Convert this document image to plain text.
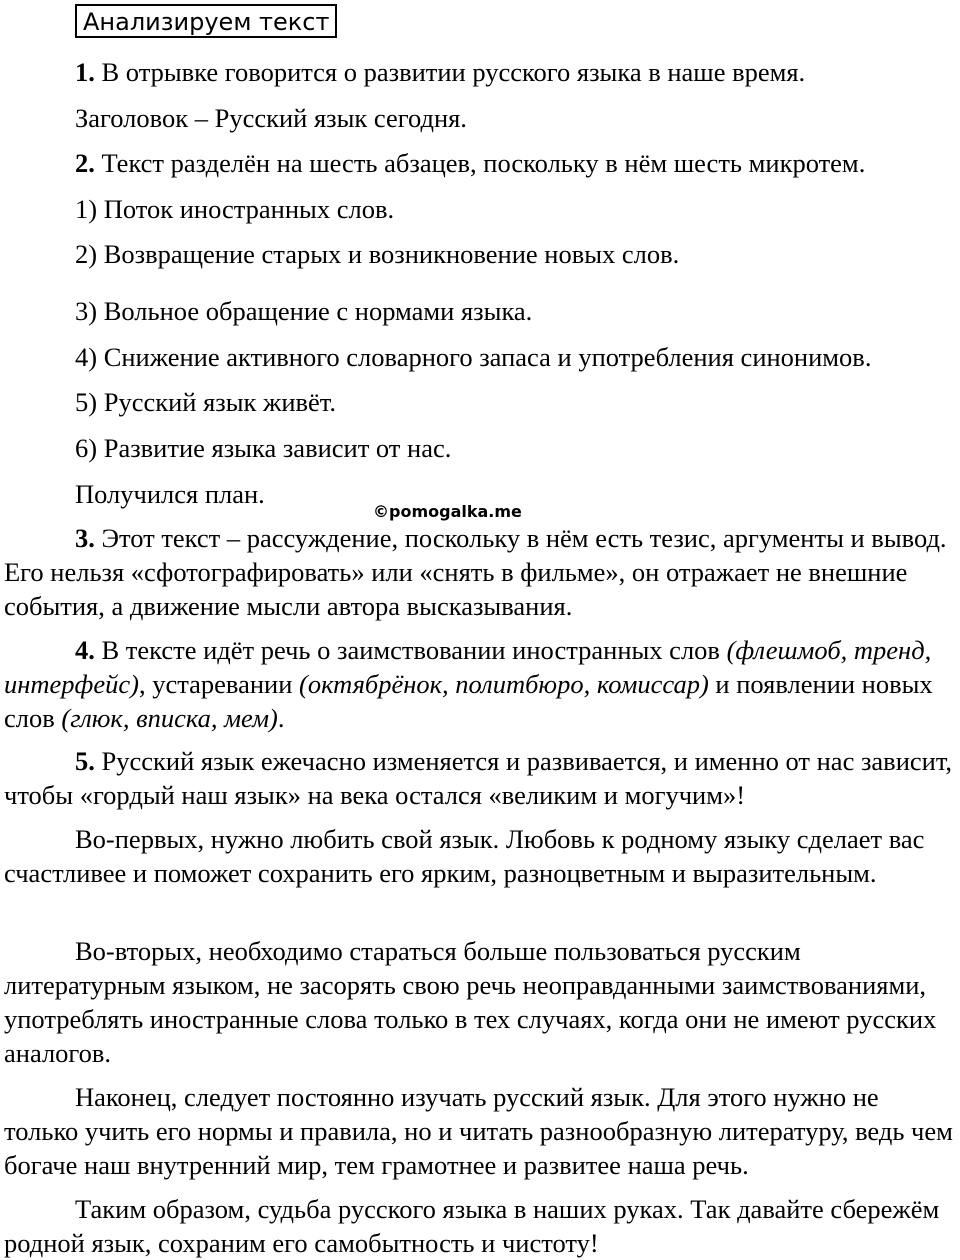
Анализируем текст
1. В отрывке говорится о развитии русского языка в наше время.
Заголовок – Русский язык сегодня.
2. Текст разделён на шесть абзацев, поскольку в нём шесть микротем.
1) Поток иностранных слов.
2) Возвращение старых и возникновение новых слов.
3) Вольное обращение с нормами языка.
4) Снижение активного словарного запаса и употребления синонимов.
5) Русский язык живёт.
6) Развитие языка зависит от нас.
Получился план.
©pomogalka.me
3. Этот текст – рассуждение, поскольку в нём есть тезис, аргументы и вывод. Его нельзя «сфотографировать» или «снять в фильме», он отражает не внешние события, а движение мысли автора высказывания.
4. В тексте идёт речь о заимствовании иностранных слов (флешмоб, тренд, интерфейс), устаревании (октябрёнок, политбюро, комиссар) и появлении новых слов (глюк, вписка, мем).
5. Русский язык ежечасно изменяется и развивается, и именно от нас зависит, чтобы «гордый наш язык» на века остался «великим и могучим»!
Во-первых, нужно любить свой язык. Любовь к родному языку сделает вас счастливее и поможет сохранить его ярким, разноцветным и выразительным.
Во-вторых, необходимо стараться больше пользоваться русским литературным языком, не засорять свою речь неоправданными заимствованиями, употреблять иностранные слова только в тех случаях, когда они не имеют русских аналогов.
Наконец, следует постоянно изучать русский язык. Для этого нужно не только учить его нормы и правила, но и читать разнообразную литературу, ведь чем богаче наш внутренний мир, тем грамотнее и развитее наша речь.
Таким образом, судьба русского языка в наших руках. Так давайте сбережём родной язык, сохраним его самобытность и чистоту!
